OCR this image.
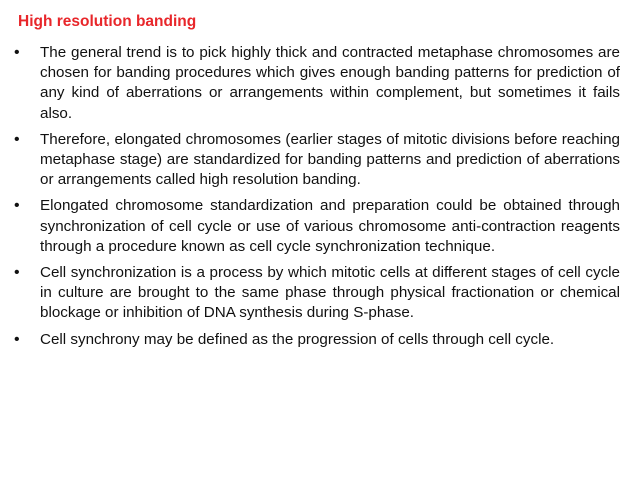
High resolution banding
• The general trend is to pick highly thick and contracted metaphase chromosomes are chosen for banding procedures which gives enough banding patterns for prediction of any kind of aberrations or arrangements within complement, but sometimes it fails also.
• Therefore, elongated chromosomes (earlier stages of mitotic divisions before reaching metaphase stage) are standardized for banding patterns and prediction of aberrations or arrangements called high resolution banding.
• Elongated chromosome standardization and preparation could be obtained through synchronization of cell cycle or use of various chromosome anti-contraction reagents through a procedure known as cell cycle synchronization technique.
• Cell synchronization is a process by which mitotic cells at different stages of cell cycle in culture are brought to the same phase through physical fractionation or chemical blockage or inhibition of DNA synthesis during S-phase.
• Cell synchrony may be defined as the progression of cells through cell cycle.
